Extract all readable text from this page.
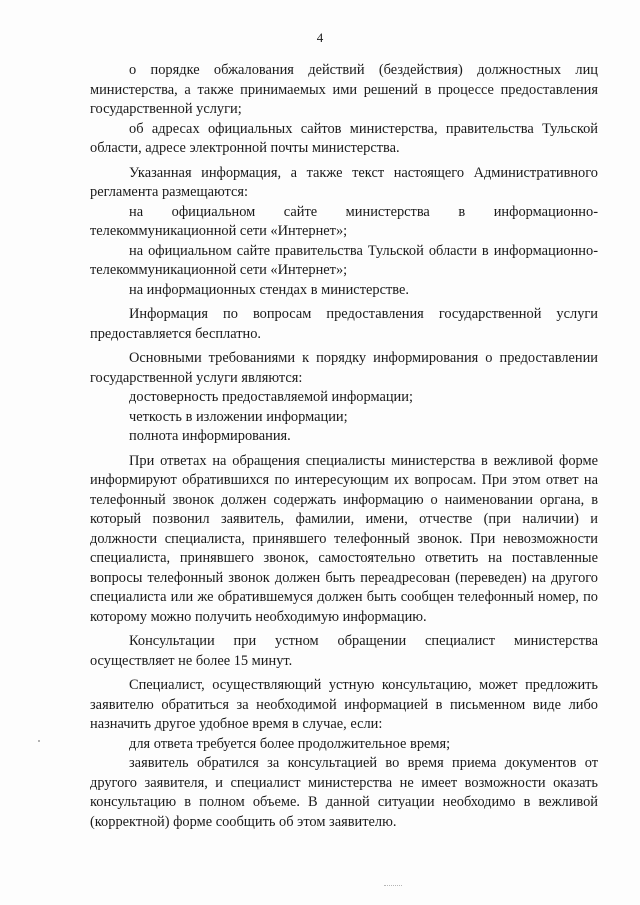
4

о порядке обжалования действий (бездействия) должностных лиц министерства, а также принимаемых ими решений в процессе предоставления государственной услуги;

об адресах официальных сайтов министерства, правительства Тульской области, адресе электронной почты министерства.

Указанная информация, а также текст настоящего Административного регламента размещаются:

на официальном сайте министерства в информационно-телекоммуникационной сети «Интернет»;

на официальном сайте правительства Тульской области в информационно-телекоммуникационной сети «Интернет»;

на информационных стендах в министерстве.

Информация по вопросам предоставления государственной услуги предоставляется бесплатно.

Основными требованиями к порядку информирования о предоставлении государственной услуги являются:

достоверность предоставляемой информации;

четкость в изложении информации;

полнота информирования.

При ответах на обращения специалисты министерства в вежливой форме информируют обратившихся по интересующим их вопросам. При этом ответ на телефонный звонок должен содержать информацию о наименовании органа, в который позвонил заявитель, фамилии, имени, отчестве (при наличии) и должности специалиста, принявшего телефонный звонок. При невозможности специалиста, принявшего звонок, самостоятельно ответить на поставленные вопросы телефонный звонок должен быть переадресован (переведен) на другого специалиста или же обратившемуся должен быть сообщен телефонный номер, по которому можно получить необходимую информацию.

Консультации при устном обращении специалист министерства осуществляет не более 15 минут.

Специалист, осуществляющий устную консультацию, может предложить заявителю обратиться за необходимой информацией в письменном виде либо назначить другое удобное время в случае, если:

для ответа требуется более продолжительное время;

заявитель обратился за консультацией во время приема документов от другого заявителя, и специалист министерства не имеет возможности оказать консультацию в полном объеме. В данной ситуации необходимо в вежливой (корректной) форме сообщить об этом заявителю.
